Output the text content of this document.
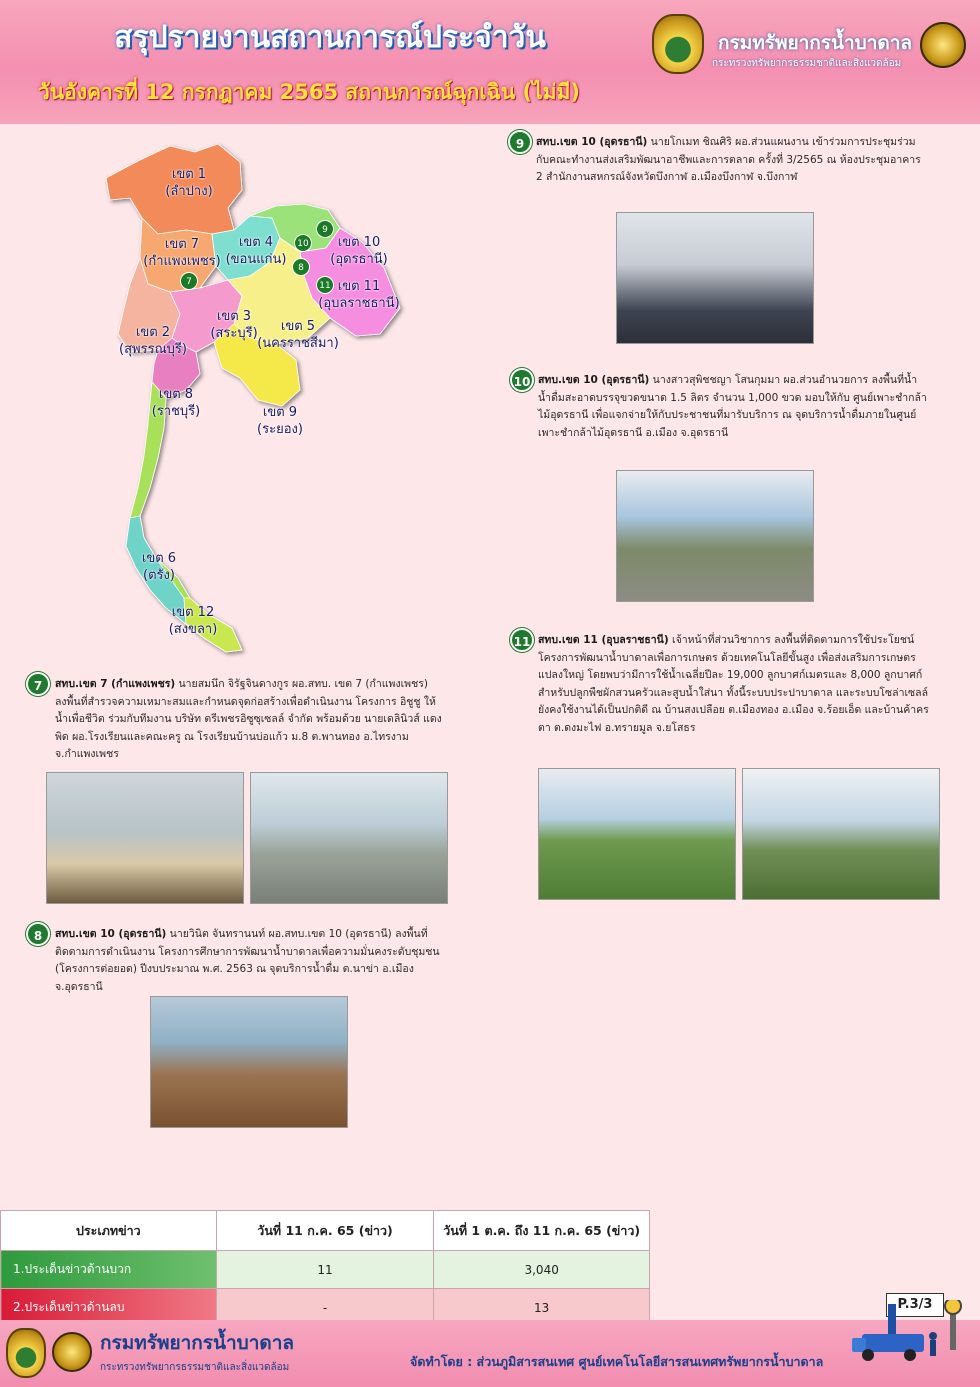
สรุปรายงานสถานการณ์ประจำวัน
วันอังคารที่ 12 กรกฎาคม 2565 สถานการณ์ฉุกเฉิน (ไม่มี)
กรมทรัพยากรน้ำบาดาล
กระทรวงทรัพยากรธรรมชาติและสิ่งแวดล้อม
เขต 1
(ลำปาง)
เขต 7
(กำแพงเพชร)
เขต 4
(ขอนแก่น)
เขต 10
(อุดรธานี)
เขต 11
(อุบลราชธานี)
เขต 3
(สระบุรี)	เขต 5
(นครราชสีมา)
เขต 2
(สุพรรณบุรี)
เขต 8
(ราชบุรี)	เขต 9
(ระยอง)
เขต 6
(ตรัง)
เขต 12
(สงขลา)
9
10
8
11
7
9	สทบ.เขต 10 (อุดรธานี) นายโกเมท ชิณศิริ ผอ.ส่วนแผนงาน เข้าร่วมการประชุมร่วมกับคณะทำงานส่งเสริมพัฒนาอาชีพและการตลาด ครั้งที่ 3/2565 ณ ห้องประชุมอาคาร 2 สำนักงานสหกรณ์จังหวัดบึงกาฬ อ.เมืองบึงกาฬ จ.บึงกาฬ
10 สทบ.เขต 10 (อุดรธานี) นางสาวสุพิชชญา โสนกุมมา ผอ.ส่วนอำนวยการ ลงพื้นที่น้ำน้ำดื่มสะอาดบรรจุขวดขนาด 1.5 ลิตร จำนวน 1,000 ขวด มอบให้กับ ศูนย์เพาะชำกล้าไม้อุดรธานี เพื่อแจกจ่ายให้กับประชาชนที่มารับบริการ ณ จุดบริการน้ำดื่มภายในศูนย์เพาะชำกล้าไม้อุดรธานี อ.เมือง จ.อุดรธานี
11 สทบ.เขต 11 (อุบลราชธานี) เจ้าหน้าที่ส่วนวิชาการ ลงพื้นที่ติดตามการใช้ประโยชน์โครงการพัฒนาน้ำบาดาลเพื่อการเกษตร ด้วยเทคโนโลยีขั้นสูง เพื่อส่งเสริมการเกษตรแปลงใหญ่ โดยพบว่ามีการใช้น้ำเฉลี่ยปีละ 19,000 ลูกบาศก์เมตรและ 8,000 ลูกบาศก์ สำหรับปลูกพืชผักสวนครัวและสูบน้ำใส่นา ทั้งนี้ระบบประปาบาดาล และระบบโซล่าเซลล์ ยังคงใช้งานได้เป็นปกติดี ณ บ้านสงเปลือย ต.เมืองทอง อ.เมือง จ.ร้อยเอ็ด และบ้านค้าครตา ต.ดงมะไฟ อ.ทรายมูล จ.ยโสธร
7	สทบ.เขต 7 (กำแพงเพชร) นายสมนึก จิรัฐจินดางกูร ผอ.สทบ. เขต 7 (กำแพงเพชร) ลงพื้นที่สำรวจความเหมาะสมและกำหนดจุดก่อสร้างเพื่อดำเนินงาน โครงการ อิชูชู ให้น้ำเพื่อชีวิต ร่วมกับทีมงาน บริษัท ตรีเพชรอิซูซุเซลล์ จำกัด พร้อมด้วย นายเดลินิวส์ แดงพิด ผอ.โรงเรียนและคณะครู ณ โรงเรียนบ้านบ่อแก้ว ม.8 ต.พานทอง อ.ไทรงาม จ.กำแพงเพชร
8	สทบ.เขต 10 (อุดรธานี) นายวินิต จันทรานนท์ ผอ.สทบ.เขต 10 (อุดรธานี) ลงพื้นที่ติดตามการดำเนินงาน โครงการศึกษาการพัฒนาน้ำบาดาลเพื่อความมั่นคงระดับชุมชน (โครงการต่อยอด) ปีงบประมาณ พ.ศ. 2563 ณ จุดบริการน้ำดื่ม ต.นาข่า อ.เมือง จ.อุดรธานี
ประเภทข่าว	วันที่ 11 ก.ค. 65 (ข่าว)	วันที่ 1 ต.ค. ถึง 11 ก.ค. 65 (ข่าว)
1.ประเด็นข่าวด้านบวก	11	3,040
2.ประเด็นข่าวด้านลบ	-	13	P.3/3
กรมทรัพยากรน้ำบาดาล
กระทรวงทรัพยากรธรรมชาติและสิ่งแวดล้อม	จัดทำโดย : ส่วนภูมิสารสนเทศ ศูนย์เทคโนโลยีสารสนเทศทรัพยากรน้ำบาดาล
